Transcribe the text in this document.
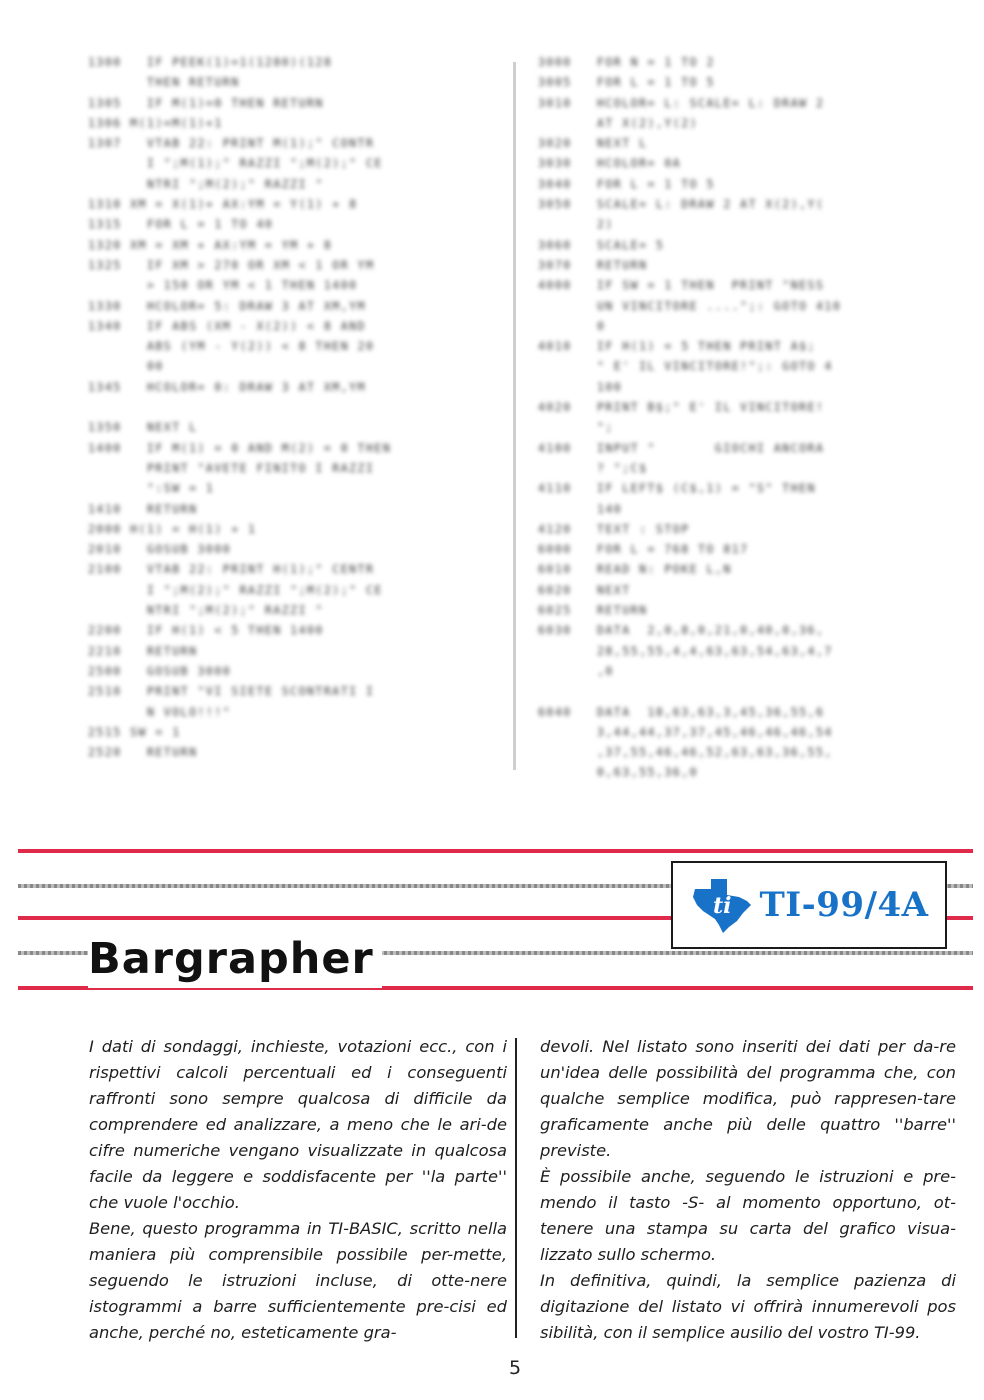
1300   IF PEEK(1)=1(1280)(128
THEN RETURN
1305   IF M(1)=0 THEN RETURN
1306 M(1)=M(1)+1
1307   VTAB 22: PRINT M(1);" CONTR
I ";M(1);" RAZZI ";M(2);" CE
NTRI ";M(2);" RAZZI "
1310 XM = X(1)+ AX:YM = Y(1) + 8
1315   FOR L = 1 TO 40
1320 XM = XM + AX:YM = YM + 8
1325   IF XM > 270 OR XM < 1 OR YM
> 150 OR YM < 1 THEN 1400
1330   HCOLOR= 5: DRAW 3 AT XM,YM
1340   IF ABS (XM - X(2)) < 8 AND
ABS (YM - Y(2)) < 8 THEN 20
00
1345   HCOLOR= 0: DRAW 3 AT XM,YM

1350   NEXT L
1400   IF M(1) = 0 AND M(2) = 0 THEN
PRINT "AVETE FINITO I RAZZI
":SW = 1
1410   RETURN
2000 H(1) = H(1) + 1
2010   GOSUB 3000
2100   VTAB 22: PRINT H(1);" CENTR
I ";M(2);" RAZZI ";M(2);" CE
NTRI ";M(2);" RAZZI "
2200   IF H(1) < 5 THEN 1400
2210   RETURN
2500   GOSUB 3000
2510   PRINT "VI SIETE SCONTRATI I
N VOLO!!!"
2515 SW = 1
2520   RETURN
3000   FOR N = 1 TO 2
3005   FOR L = 1 TO 5
3010   HCOLOR= L: SCALE= L: DRAW 2
AT X(2),Y(2)
3020   NEXT L
3030   HCOLOR= 0A
3040   FOR L = 1 TO 5
3050   SCALE= L: DRAW 2 AT X(2),Y(
2)
3060   SCALE= 5
3070   RETURN
4000   IF SW = 1 THEN  PRINT "NESS
UN VINCITORE ....";: GOTO 410
0
4010   IF H(1) = 5 THEN PRINT A$;
" E' IL VINCITORE!";: GOTO 4
100
4020   PRINT B$;" E' IL VINCITORE!
";
4100   INPUT "       GIOCHI ANCORA
? ";C$
4110   IF LEFT$ (C$,1) = "S" THEN
140
4120   TEXT : STOP
6000   FOR L = 768 TO 817
6010   READ N: POKE L,N
6020   NEXT
6025   RETURN
6030   DATA  2,0,8,0,21,0,40,0,36,
28,55,55,4,4,63,63,54,63,4,7
,0

6040   DATA  18,63,63,3,45,36,55,6
3,44,44,37,37,45,46,46,46,54
,37,55,46,46,52,63,63,36,55,
0,63,55,36,0
ti TI-99/4A
Bargrapher

I dati di sondaggi, inchieste, votazioni ecc., con i rispettivi calcoli percentuali ed i conseguenti raffronti sono sempre qualcosa di difficile da comprendere ed analizzare, a meno che le ari-de cifre numeriche vengano visualizzate in qualcosa facile da leggere e soddisfacente per ''la parte'' che vuole l'occhio.

Bene, questo programma in TI-BASIC, scritto nella maniera più comprensibile possibile per-mette, seguendo le istruzioni incluse, di otte-nere istogrammi a barre sufficientemente pre-cisi ed anche, perché no, esteticamente gra-

devoli. Nel listato sono inseriti dei dati per da-re un'idea delle possibilità del programma che, con qualche semplice modifica, può rappresen-tare graficamente anche più delle quattro ''barre'' previste.

È possibile anche, seguendo le istruzioni e pre-mendo il tasto -S- al momento opportuno, ot-tenere una stampa su carta del grafico visua-lizzato sullo schermo.

In definitiva, quindi, la semplice pazienza di digitazione del listato vi offrirà innumerevoli pos sibilità, con il semplice ausilio del vostro TI-99.

5
